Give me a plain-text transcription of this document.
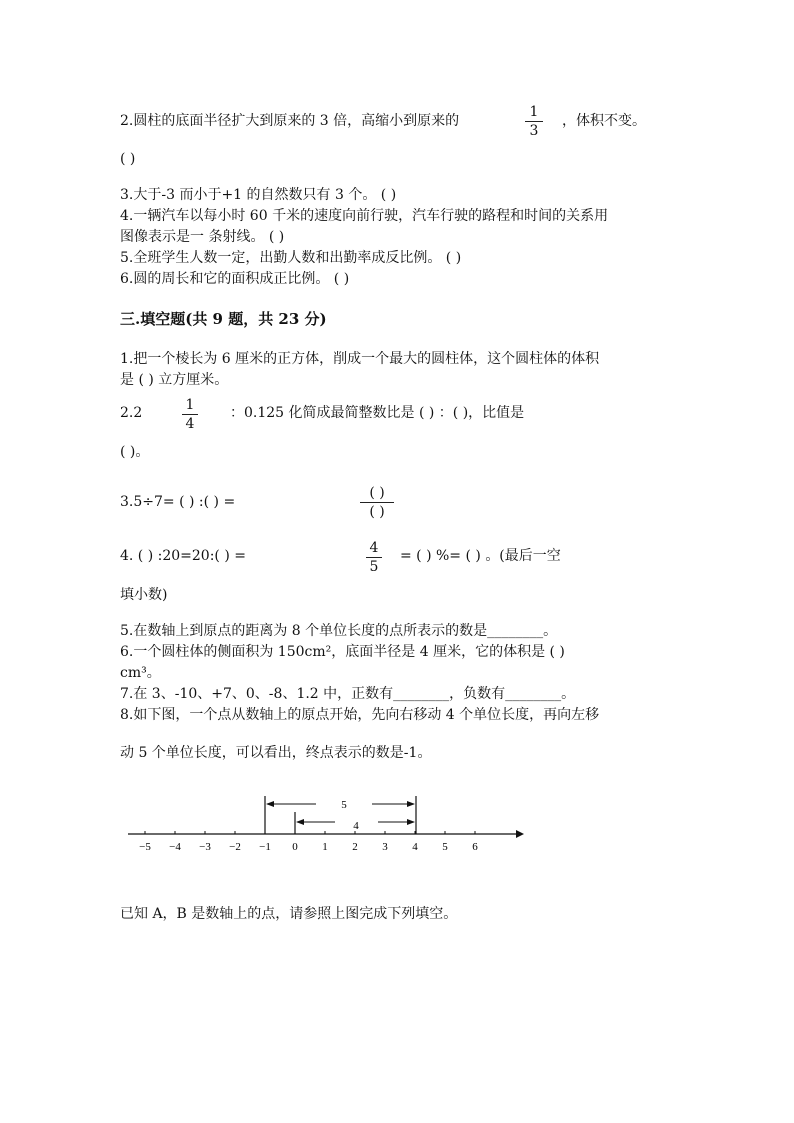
2.圆柱的底面半径扩大到原来的 3 倍，高缩小到原来的
1
3
，体积不变。
( )
3.大于-3 而小于+1 的自然数只有 3 个。 ( )
4.一辆汽车以每小时 60 千米的速度向前行驶，汽车行驶的路程和时间的关系用
图像表示是一 条射线。 ( )
5.全班学生人数一定，出勤人数和出勤率成反比例。 ( )
6.圆的周长和它的面积成正比例。 ( )
三.填空题(共 9 题，共 23 分)
1.把一个棱长为 6 厘米的正方体，削成一个最大的圆柱体，这个圆柱体的体积
是 ( ) 立方厘米。
2.2	1
4
：0.125 化简成最简整数比是 ( ) ：( )，比值是
( )。
3.5÷7= ( ) :( ) =
( )
( )
4. ( ) :20=20:( ) =	4
5
= ( ) %= ( ) 。(最后一空
填小数)
5.在数轴上到原点的距离为 8 个单位长度的点所表示的数是________。
6.一个圆柱体的侧面积为 150cm²，底面半径是 4 厘米，它的体积是 ( )
cm³。
7.在 3、-10、+7、0、-8、1.2 中，正数有________，负数有________。
8.如下图，一个点从数轴上的原点开始，先向右移动 4 个单位长度，再向左移
动 5 个单位长度，可以看出，终点表示的数是-1。
5
4
−5 −4 −3 −2 −1 0 1 2 3 4 5 6
已知 A，B 是数轴上的点，请参照上图完成下列填空。
